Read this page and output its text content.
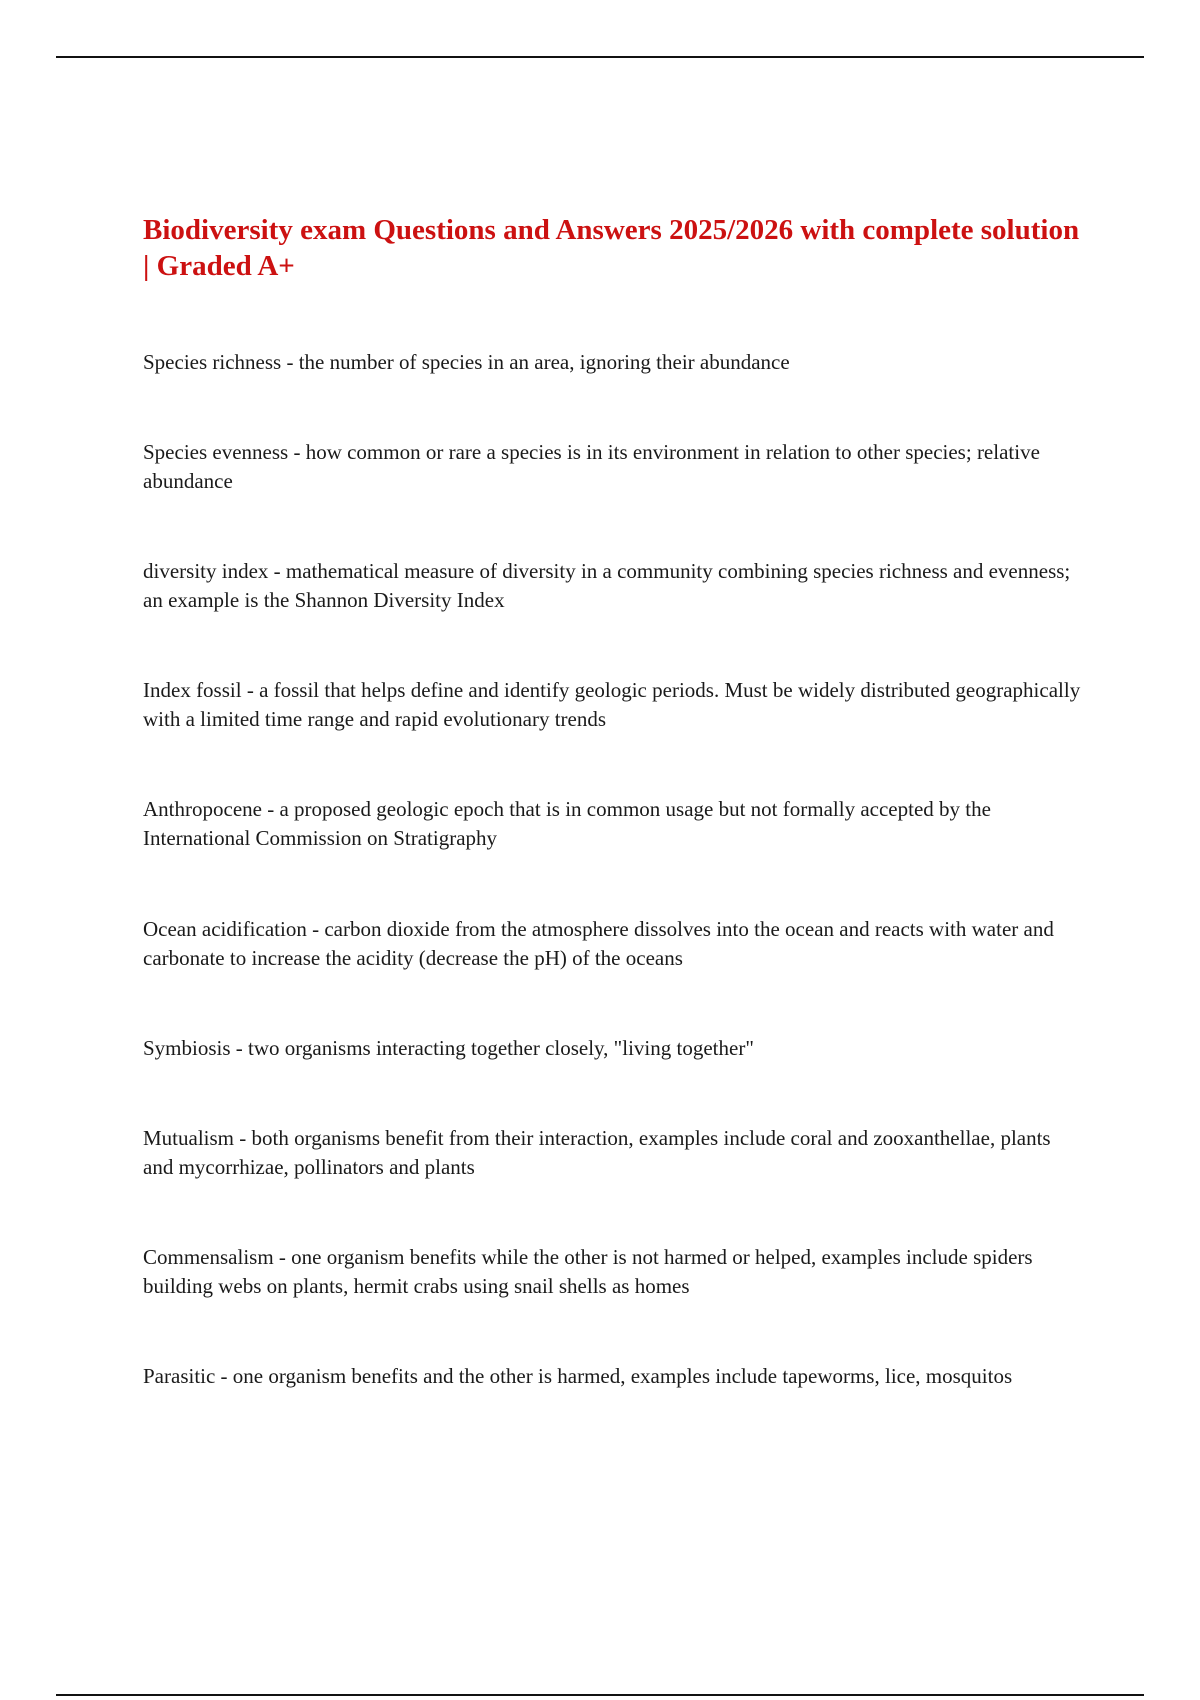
Biodiversity exam Questions and Answers 2025/2026 with complete solution | Graded A+
Species richness - the number of species in an area, ignoring their abundance
Species evenness - how common or rare a species is in its environment in relation to other species; relative abundance
diversity index - mathematical measure of diversity in a community combining species richness and evenness; an example is the Shannon Diversity Index
Index fossil - a fossil that helps define and identify geologic periods. Must be widely distributed geographically with a limited time range and rapid evolutionary trends
Anthropocene - a proposed geologic epoch that is in common usage but not formally accepted by the International Commission on Stratigraphy
Ocean acidification - carbon dioxide from the atmosphere dissolves into the ocean and reacts with water and carbonate to increase the acidity (decrease the pH) of the oceans
Symbiosis - two organisms interacting together closely, "living together"
Mutualism - both organisms benefit from their interaction, examples include coral and zooxanthellae, plants and mycorrhizae, pollinators and plants
Commensalism - one organism benefits while the other is not harmed or helped, examples include spiders building webs on plants, hermit crabs using snail shells as homes
Parasitic - one organism benefits and the other is harmed, examples include tapeworms, lice, mosquitos
